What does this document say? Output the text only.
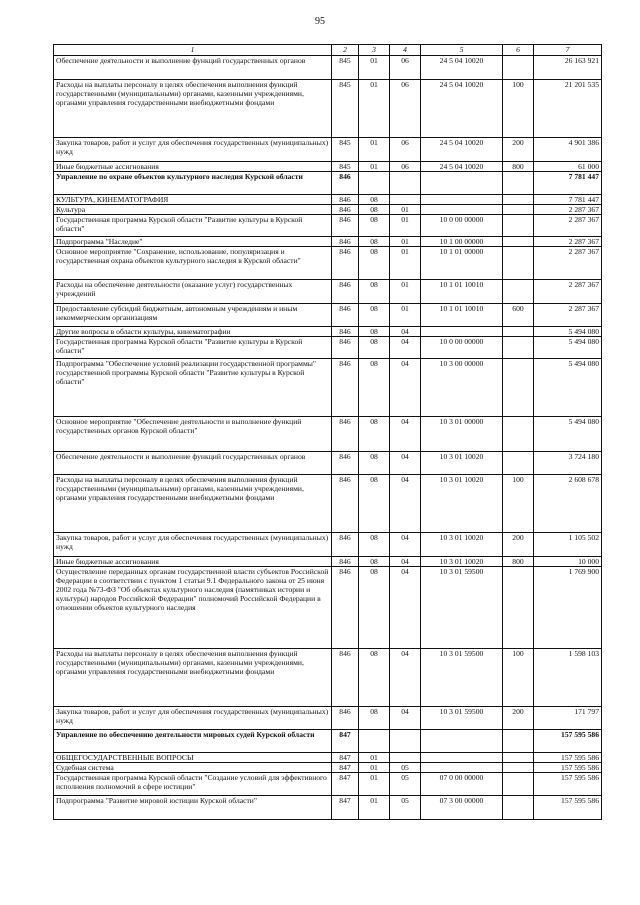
95
1	2	3	4	5	6	7
Обеспечение деятельности и выполнение функций государственных органов	845	01	06	24 5 04 10020		26 163 921
Расходы на выплаты персоналу в целях обеспечения выполнения функций государственными (муниципальными) органами, казенными учреждениями, органами управления государственными внебюджетными фондами	845	01	06	24 5 04 10020	100	21 201 535
Закупка товаров, работ и услуг для обеспечения государственных (муниципальных) нужд	845	01	06	24 5 04 10020	200	4 901 386
Иные бюджетные ассигнования	845	01	06	24 5 04 10020	800	61 000
Управление по охране объектов культурного наследия Курской области	846					7 781 447
КУЛЬТУРА, КИНЕМАТОГРАФИЯ	846	08				7 781 447
Культура	846	08	01			2 287 367
Государственная программа Курской области "Развитие культуры в Курской области"	846	08	01	10 0 00 00000		2 287 367
Подпрограмма "Наследие"	846	08	01	10 1 00 00000		2 287 367
Основное мероприятие "Сохранение, использование, популяризация и государственная охрана объектов культурного наследия в Курской области"	846	08	01	10 1 01 00000		2 287 367
Расходы на обеспечение деятельности (оказание услуг) государственных учреждений	846	08	01	10 1 01 10010		2 287 367
Предоставление субсидий бюджетным, автономным учреждениям и иным некоммерческим организациям	846	08	01	10 1 01 10010	600	2 287 367
Другие вопросы в области культуры, кинематографии	846	08	04			5 494 080
Государственная программа Курской области "Развитие культуры в Курской области"	846	08	04	10 0 00 00000		5 494 080
Подпрограмма "Обеспечение условий реализации государственной программы" государственной программы Курской области "Развитие культуры в Курской области"	846	08	04	10 3 00 00000		5 494 080
Основное мероприятие "Обеспечение деятельности и выполнение функций государственных органов Курской области"	846	08	04	10 3 01 00000		5 494 080
Обеспечение деятельности и выполнение функций государственных органов	846	08	04	10 3 01 10020		3 724 180
Расходы на выплаты персоналу в целях обеспечения выполнения функций государственными (муниципальными) органами, казенными учреждениями, органами управления государственными внебюджетными фондами	846	08	04	10 3 01 10020	100	2 608 678
Закупка товаров, работ и услуг для обеспечения государственных (муниципальных) нужд	846	08	04	10 3 01 10020	200	1 105 502
Иные бюджетные ассигнования	846	08	04	10 3 01 10020	800	10 000
Осуществление переданных органам государственной власти субъектов Российской Федерации в соответствии с пунктом 1 статьи 9.1 Федерального закона от 25 июня 2002 года №73-ФЗ "Об объектах культурного наследия (памятниках истории и культуры) народов Российской Федерации" полномочий Российской Федерации в отношении объектов культурного наследия	846	08	04	10 3 01 59500		1 769 900
Расходы на выплаты персоналу в целях обеспечения выполнения функций государственными (муниципальными) органами, казенными учреждениями, органами управления государственными внебюджетными фондами	846	08	04	10 3 01 59500	100	1 598 103
Закупка товаров, работ и услуг для обеспечения государственных (муниципальных) нужд	846	08	04	10 3 01 59500	200	171 797
Управление по обеспечению деятельности мировых судей Курской области	847					157 595 586
ОБЩЕГОСУДАРСТВЕННЫЕ ВОПРОСЫ	847	01				157 595 586
Судебная система	847	01	05			157 595 586
Государственная программа Курской области "Создание условий для эффективного исполнения полномочий в сфере юстиции"	847	01	05	07 0 00 00000		157 595 586
Подпрограмма "Развитие мировой юстиции Курской области"	847	01	05	07 3 00 00000		157 595 586
